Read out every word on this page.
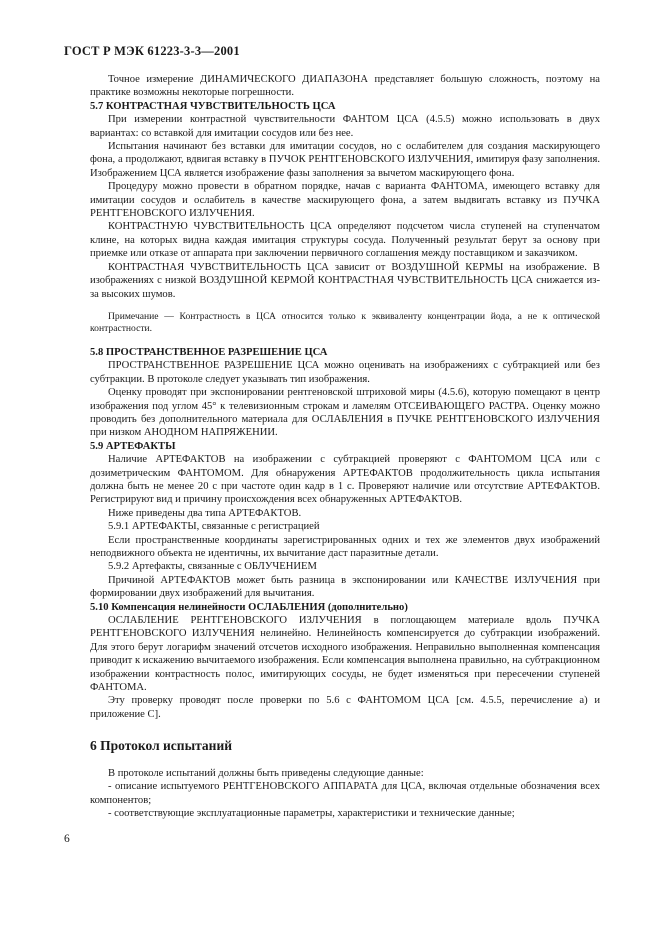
ГОСТ Р МЭК 61223-3-3—2001

Точное измерение ДИНАМИЧЕСКОГО ДИАПАЗОНА представляет большую сложность, поэтому на практике возможны некоторые погрешности.

5.7 КОНТРАСТНАЯ ЧУВСТВИТЕЛЬНОСТЬ ЦСА

При измерении контрастной чувствительности ФАНТОМ ЦСА (4.5.5) можно использовать в двух вариантах: со вставкой для имитации сосудов или без нее.

Испытания начинают без вставки для имитации сосудов, но с ослабителем для создания маскирующего фона, а продолжают, вдвигая вставку в ПУЧОК РЕНТГЕНОВСКОГО ИЗЛУЧЕНИЯ, имитируя фазу заполнения. Изображением ЦСА является изображение фазы заполнения за вычетом маскирующего фона.

Процедуру можно провести в обратном порядке, начав с варианта ФАНТОМА, имеющего вставку для имитации сосудов и ослабитель в качестве маскирующего фона, а затем выдвигать вставку из ПУЧКА РЕНТГЕНОВСКОГО ИЗЛУЧЕНИЯ.

КОНТРАСТНУЮ ЧУВСТВИТЕЛЬНОСТЬ ЦСА определяют подсчетом числа ступеней на ступенчатом клине, на которых видна каждая имитация структуры сосуда. Полученный результат берут за основу при приемке или отказе от аппарата при заключении первичного соглашения между поставщиком и заказчиком.

КОНТРАСТНАЯ ЧУВСТВИТЕЛЬНОСТЬ ЦСА зависит от ВОЗДУШНОЙ КЕРМЫ на изображение. В изображениях с низкой ВОЗДУШНОЙ КЕРМОЙ КОНТРАСТНАЯ ЧУВСТВИТЕЛЬНОСТЬ ЦСА снижается из-за высоких шумов.

Примечание — Контрастность в ЦСА относится только к эквиваленту концентрации йода, а не к оптической контрастности.

5.8 ПРОСТРАНСТВЕННОЕ РАЗРЕШЕНИЕ ЦСА

ПРОСТРАНСТВЕННОЕ РАЗРЕШЕНИЕ ЦСА можно оценивать на изображениях с субтракцией или без субтракции. В протоколе следует указывать тип изображения.

Оценку проводят при экспонировании рентгеновской штриховой миры (4.5.6), которую помещают в центр изображения под углом 45° к телевизионным строкам и ламелям ОТСЕИВАЮЩЕГО РАСТРА. Оценку можно проводить без дополнительного материала для ОСЛАБЛЕНИЯ в ПУЧКЕ РЕНТГЕНОВСКОГО ИЗЛУЧЕНИЯ при низком АНОДНОМ НАПРЯЖЕНИИ.

5.9 АРТЕФАКТЫ

Наличие АРТЕФАКТОВ на изображении с субтракцией проверяют с ФАНТОМОМ ЦСА или с дозиметрическим ФАНТОМОМ. Для обнаружения АРТЕФАКТОВ продолжительность цикла испытания должна быть не менее 20 с при частоте один кадр в 1 с. Проверяют наличие или отсутствие АРТЕФАКТОВ. Регистрируют вид и причину происхождения всех обнаруженных АРТЕФАКТОВ.

Ниже приведены два типа АРТЕФАКТОВ.

5.9.1 АРТЕФАКТЫ, связанные с регистрацией

Если пространственные координаты зарегистрированных одних и тех же элементов двух изображений неподвижного объекта не идентичны, их вычитание даст паразитные детали.

5.9.2 Артефакты, связанные с ОБЛУЧЕНИЕМ

Причиной АРТЕФАКТОВ может быть разница в экспонировании или КАЧЕСТВЕ ИЗЛУЧЕНИЯ при формировании двух изображений для вычитания.

5.10 Компенсация нелинейности ОСЛАБЛЕНИЯ (дополнительно)

ОСЛАБЛЕНИЕ РЕНТГЕНОВСКОГО ИЗЛУЧЕНИЯ в поглощающем материале вдоль ПУЧКА РЕНТГЕНОВСКОГО ИЗЛУЧЕНИЯ нелинейно. Нелинейность компенсируется до субтракции изображений. Для этого берут логарифм значений отсчетов исходного изображения. Неправильно выполненная компенсация приводит к искажению вычитаемого изображения. Если компенсация выполнена правильно, на субтракционном изображении контрастность полос, имитирующих сосуды, не будет изменяться при пересечении ступеней ФАНТОМА.

Эту проверку проводят после проверки по 5.6 с ФАНТОМОМ ЦСА [см. 4.5.5, перечисление а) и приложение С].

6 Протокол испытаний

В протоколе испытаний должны быть приведены следующие данные:

- описание испытуемого РЕНТГЕНОВСКОГО АППАРАТА для ЦСА, включая отдельные обозначения всех компонентов;

- соответствующие эксплуатационные параметры, характеристики и технические данные;

6
